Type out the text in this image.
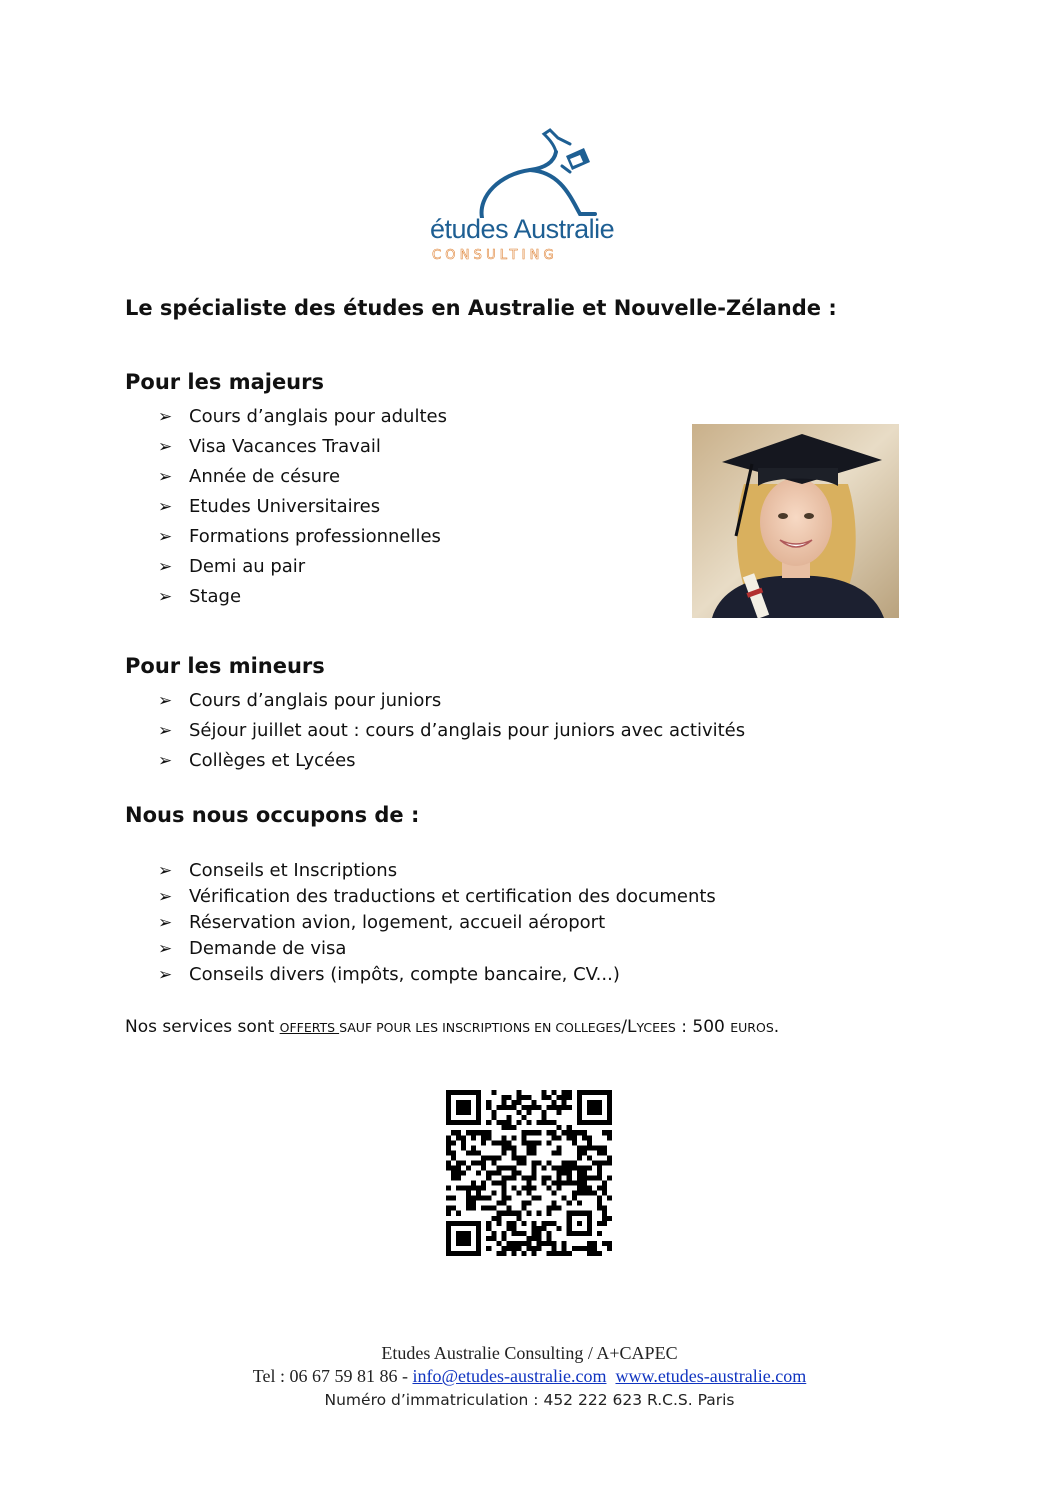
études Australie
CONSULTING
Le spécialiste des études en Australie et Nouvelle-Zélande :
Pour les majeurs
➢ Cours d’anglais pour adultes
➢ Visa Vacances Travail
➢ Année de césure
➢ Etudes Universitaires
➢ Formations professionnelles
➢ Demi au pair
➢ Stage
Pour les mineurs
➢ Cours d’anglais pour juniors
➢ Séjour juillet aout : cours d’anglais pour juniors avec activités
➢ Collèges et Lycées
Nous nous occupons de :
➢ Conseils et Inscriptions
➢ Vérification des traductions et certification des documents
➢ Réservation avion, logement, accueil aéroport
➢ Demande de visa
➢ Conseils divers (impôts, compte bancaire, CV...)
Nos services sont OFFERTS SAUF POUR LES INSCRIPTIONS EN COLLEGES/LYCEES : 500 EUROS.
Etudes Australie Consulting / A+CAPEC
Tel : 06 67 59 81 86 - info@etudes-australie.com www.etudes-australie.com
Numéro d’immatriculation : 452 222 623 R.C.S. Paris
